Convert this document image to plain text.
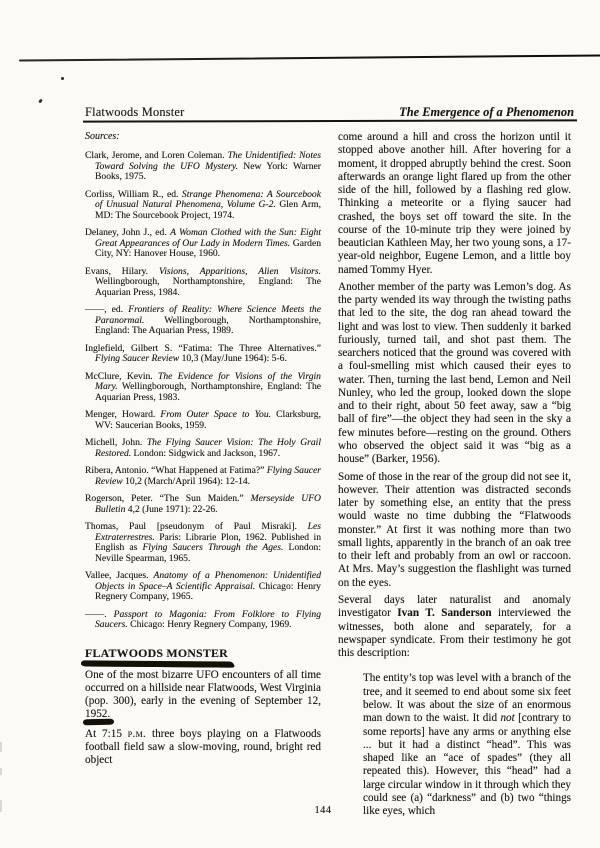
Flatwoods Monster	The Emergence of a Phenomenon
Sources:
Clark, Jerome, and Loren Coleman. The Unidentified: Notes Toward Solving the UFO Mystery. New York: Warner Books, 1975.
Corliss, William R., ed. Strange Phenomena: A Sourcebook of Unusual Natural Phenomena, Volume G-2. Glen Arm, MD: The Sourcebook Project, 1974.
Delaney, John J., ed. A Woman Clothed with the Sun: Eight Great Appearances of Our Lady in Modern Times. Garden City, NY: Hanover House, 1960.
Evans, Hilary. Visions, Apparitions, Alien Visitors. Wellingborough, Northamptonshire, England: The Aquarian Press, 1984.
——, ed. Frontiers of Reality: Where Science Meets the Paranormal. Wellingborough, Northamptonshire, England: The Aquarian Press, 1989.
Inglefield, Gilbert S. “Fatima: The Three Alternatives.” Flying Saucer Review 10,3 (May/June 1964): 5-6.
McClure, Kevin. The Evidence for Visions of the Virgin Mary. Wellingborough, Northamptonshire, England: The Aquarian Press, 1983.
Menger, Howard. From Outer Space to You. Clarksburg, WV: Saucerian Books, 1959.
Michell, John. The Flying Saucer Vision: The Holy Grail Restored. London: Sidgwick and Jackson, 1967.
Ribera, Antonio. “What Happened at Fatima?” Flying Saucer Review 10,2 (March/April 1964): 12-14.
Rogerson, Peter. “The Sun Maiden.” Merseyside UFO Bulletin 4,2 (June 1971): 22-26.
Thomas, Paul [pseudonym of Paul Misraki]. Les Extraterrestres. Paris: Librarie Plon, 1962. Published in English as Flying Saucers Through the Ages. London: Neville Spearman, 1965.
Vallee, Jacques. Anatomy of a Phenomenon: Unidentified Objects in Space–A Scientific Appraisal. Chicago: Henry Regnery Company, 1965.
——. Passport to Magonia: From Folklore to Flying Saucers. Chicago: Henry Regnery Company, 1969.
FLATWOODS MONSTER
One of the most bizarre UFO encounters of all time occurred on a hillside near Flatwoods, West Virginia (pop. 300), early in the evening of September 12, 1952.
At 7:15 p.m. three boys playing on a Flatwoods football field saw a slow-moving, round, bright red object
come around a hill and cross the horizon until it stopped above another hill. After hovering for a moment, it dropped abruptly behind the crest. Soon afterwards an orange light flared up from the other side of the hill, followed by a flashing red glow. Thinking a meteorite or a flying saucer had crashed, the boys set off toward the site. In the course of the 10-minute trip they were joined by beautician Kathleen May, her two young sons, a 17-year-old neighbor, Eugene Lemon, and a little boy named Tommy Hyer.
Another member of the party was Lemon’s dog. As the party wended its way through the twisting paths that led to the site, the dog ran ahead toward the light and was lost to view. Then suddenly it barked furiously, turned tail, and shot past them. The searchers noticed that the ground was covered with a foul-smelling mist which caused their eyes to water. Then, turning the last bend, Lemon and Neil Nunley, who led the group, looked down the slope and to their right, about 50 feet away, saw a “big ball of fire”—the object they had seen in the sky a few minutes before—resting on the ground. Others who observed the object said it was “big as a house” (Barker, 1956).
Some of those in the rear of the group did not see it, however. Their attention was distracted seconds later by something else, an entity that the press would waste no time dubbing the “Flatwoods monster.” At first it was nothing more than two small lights, apparently in the branch of an oak tree to their left and probably from an owl or raccoon. At Mrs. May’s suggestion the flashlight was turned on the eyes.
Several days later naturalist and anomaly investigator Ivan T. Sanderson interviewed the witnesses, both alone and separately, for a newspaper syndicate. From their testimony he got this description:
The entity’s top was level with a branch of the tree, and it seemed to end about some six feet below. It was about the size of an enormous man down to the waist. It did not [contrary to some reports] have any arms or anything else ... but it had a distinct “head”. This was shaped like an “ace of spades” (they all repeated this). However, this “head” had a large circular window in it through which they could see (a) “darkness” and (b) two “things like eyes, which
144
